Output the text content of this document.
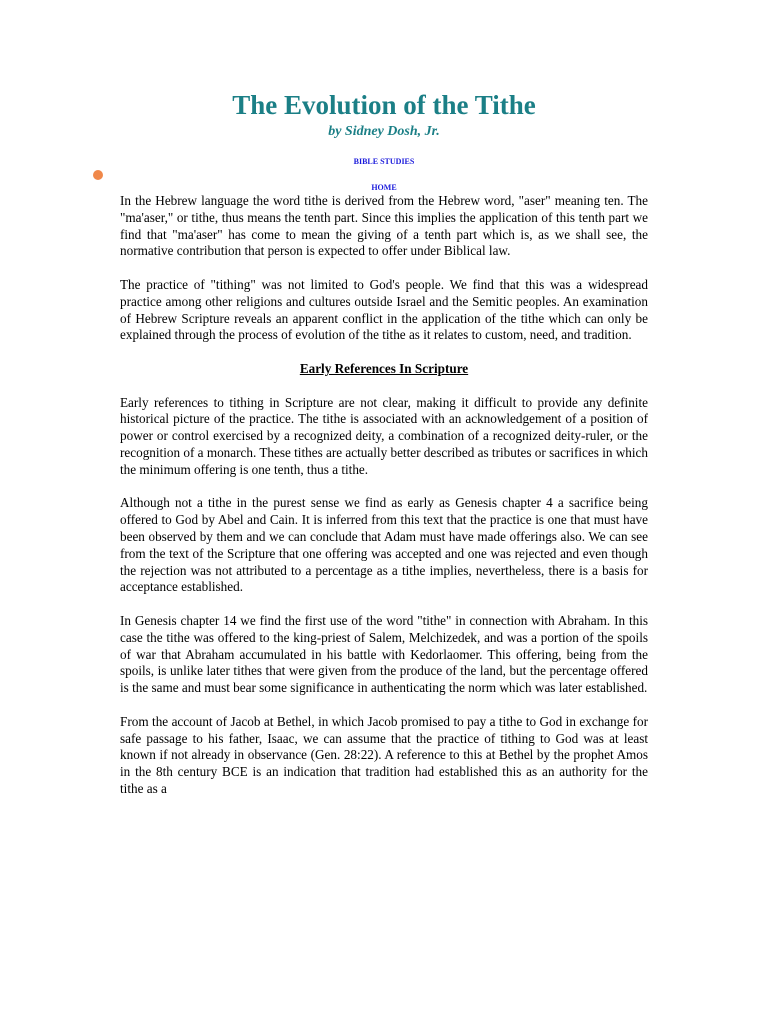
The Evolution of the Tithe
by Sidney Dosh, Jr.
BIBLE STUDIES
HOME

In the Hebrew language the word tithe is derived from the Hebrew word, "aser" meaning ten. The "ma'aser," or tithe, thus means the tenth part. Since this implies the application of this tenth part we find that "ma'aser" has come to mean the giving of a tenth part which is, as we shall see, the normative contribution that person is expected to offer under Biblical law.

The practice of "tithing" was not limited to God's people. We find that this was a widespread practice among other religions and cultures outside Israel and the Semitic peoples. An examination of Hebrew Scripture reveals an apparent conflict in the application of the tithe which can only be explained through the process of evolution of the tithe as it relates to custom, need, and tradition.

Early References In Scripture

Early references to tithing in Scripture are not clear, making it difficult to provide any definite historical picture of the practice. The tithe is associated with an acknowledgement of a position of power or control exercised by a recognized deity, a combination of a recognized deity-ruler, or the recognition of a monarch. These tithes are actually better described as tributes or sacrifices in which the minimum offering is one tenth, thus a tithe.

Although not a tithe in the purest sense we find as early as Genesis chapter 4 a sacrifice being offered to God by Abel and Cain. It is inferred from this text that the practice is one that must have been observed by them and we can conclude that Adam must have made offerings also. We can see from the text of the Scripture that one offering was accepted and one was rejected and even though the rejection was not attributed to a percentage as a tithe implies, nevertheless, there is a basis for acceptance established.

In Genesis chapter 14 we find the first use of the word "tithe" in connection with Abraham. In this case the tithe was offered to the king-priest of Salem, Melchizedek, and was a portion of the spoils of war that Abraham accumulated in his battle with Kedorlaomer. This offering, being from the spoils, is unlike later tithes that were given from the produce of the land, but the percentage offered is the same and must bear some significance in authenticating the norm which was later established.

From the account of Jacob at Bethel, in which Jacob promised to pay a tithe to God in exchange for safe passage to his father, Isaac, we can assume that the practice of tithing to God was at least known if not already in observance (Gen. 28:22). A reference to this at Bethel by the prophet Amos in the 8th century BCE is an indication that tradition had established this as an authority for the tithe as a
